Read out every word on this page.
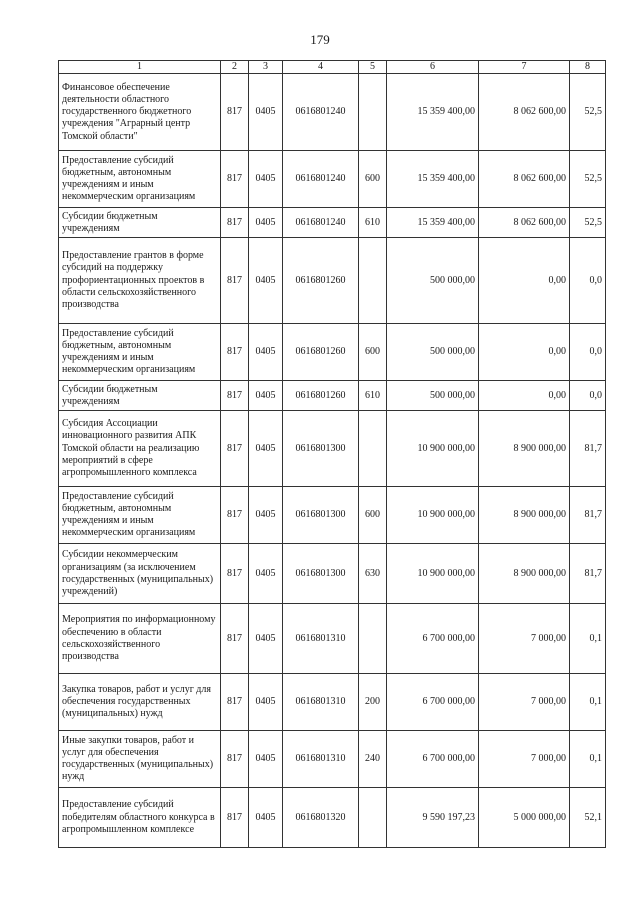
179
1	2	3	4	5	6	7	8
Финансовое обеспечение деятельности областного государственного бюджетного учреждения "Аграрный центр Томской области"	817	0405	0616801240		15 359 400,00	8 062 600,00	52,5
Предоставление субсидий бюджетным, автономным учреждениям и иным некоммерческим организациям	817	0405	0616801240	600	15 359 400,00	8 062 600,00	52,5
Субсидии бюджетным учреждениям	817	0405	0616801240	610	15 359 400,00	8 062 600,00	52,5
Предоставление грантов в форме субсидий на поддержку профориентационных проектов в области сельскохозяйственного производства	817	0405	0616801260		500 000,00	0,00	0,0
Предоставление субсидий бюджетным, автономным учреждениям и иным некоммерческим организациям	817	0405	0616801260	600	500 000,00	0,00	0,0
Субсидии бюджетным учреждениям	817	0405	0616801260	610	500 000,00	0,00	0,0
Субсидия Ассоциации инновационного развития АПК Томской области на реализацию мероприятий в сфере агропромышленного комплекса	817	0405	0616801300		10 900 000,00	8 900 000,00	81,7
Предоставление субсидий бюджетным, автономным учреждениям и иным некоммерческим организациям	817	0405	0616801300	600	10 900 000,00	8 900 000,00	81,7
Субсидии некоммерческим организациям (за исключением государственных (муниципальных) учреждений)	817	0405	0616801300	630	10 900 000,00	8 900 000,00	81,7
Мероприятия по информационному обеспечению в области сельскохозяйственного производства	817	0405	0616801310		6 700 000,00	7 000,00	0,1
Закупка товаров, работ и услуг для обеспечения государственных (муниципальных) нужд	817	0405	0616801310	200	6 700 000,00	7 000,00	0,1
Иные закупки товаров, работ и услуг для обеспечения государственных (муниципальных) нужд	817	0405	0616801310	240	6 700 000,00	7 000,00	0,1
Предоставление субсидий победителям областного конкурса в агропромышленном комплексе	817	0405	0616801320		9 590 197,23	5 000 000,00	52,1
